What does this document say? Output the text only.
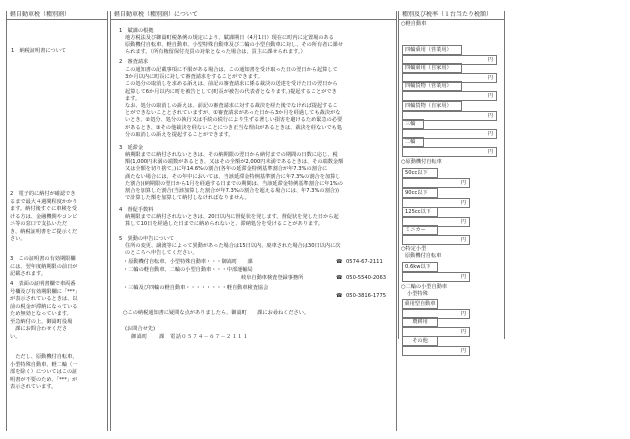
軽自動車税（種別割）
1　納税証明書について
2　電子的に納付が確認でき
るまで最大４週間程度かかり
ます。納付後すぐに車検を受
ける方は、金融機関やコンビ
ニ等の窓口で支払いただ
き、納税証明書をご提示くだ
さい。
3　この証明書の有効期限欄
には、翌年度納期限の前日が
記載されます。
4　表面の証明書欄で車両番
号欄及び有効期限欄に「***」
が表示されているときは、以
前の税金が滞納になっている
ため無効となっています。
至急納付の上，御嵩町役場
　課にお問合わせくださ
い。
　ただし、原動機付自転車、
小型特殊自動車、軽二輪（一
部を除く）についてはこの証
明書が不要のため、「***」が
表示されています。
軽自動車税（種別割）について
1　賦課の根拠
地方税法及び御嵩町税条例の規定により、賦課期日（4月1日）現在に町内に定置場のある
原動機付自転車、軽自動車、小型特殊自動車及び二輪の小型自動車に対し、その所有者に課せ
られます。（所有権留保付売買の対象となった場合は、買主に課せられます。）
2　審査請求
この通知書の記載事項に不服がある場合は、この通知書を受け取った日の翌日から起算して
3か月以内に町長に対して審査請求をすることができます。
この処分の取消しを求める訴えは、前記の審査請求に係る裁決の送達を受けた日の翌日から
起算して6か月以内に町を被告として(町長が被告の代表者となります。)提起することができ
ます。
なお、処分の取消しの訴えは、前記の審査請求に対する裁決を経た後でなければ提起するこ
とができないこととされていますが、①審査請求があった日から3か月を経過しても裁決がな
いとき、②処分、処分の執行又は手続の続行により生ずる著しい損害を避けるため緊急の必要
があるとき、③その他裁決を経ないことにつき正当な理由があるときは、裁決を経ないでも処
分の取消しの訴えを提起することができます。
3　延滞金
納期限までに納付されないときは、その納期限の翌日から納付までの期間の日数に応じ、税
額(1,000円未満の端数があるとき、又はその全額が2,000円未満であるときは、その端数金額
又は全額を切り捨て。)に年14.6%の割合(各年の延滞金特例基準割合が年7.3%の割合に
満たない場合には、その年中においては、当該延滞金特例基準割合に年7.3%の割合を加算し
た割合)(納期限の翌日から1月を経過する日までの期間は、当該延滞金特例基準割合に年1%の
割合を加算した割合(当該加算した割合が年7.3%の割合を超える場合には、年7.3%の割合))
で計算した額を加算して納付しなければなりません。
4　督促手数料
納期限までに納付されないときは、20日以内に督促状を発します。督促状を発した日から起
算して10日を経過した日までに納められないと、滞納処分を受けることがあります。
5　異動の申告について
住所の変更、譲渡等によって異動があった場合は15日以内、廃車された場合は30日以内に次
のところへ申告してください。
・原動機付自転車、小型特殊自動車・・・御嵩町　　課	☎ 0574-67-2111
・二輪の軽自動車、二輪の小型自動車・・・中部運輸局
岐阜自動車検査登録事務所	☎ 050-5540-2063
・三輪及び四輪の軽自動車・・・・・・・・軽自動車検査協会
☎ 050-3816-1775
○この納税通知書に疑問な点がありましたら、御嵩町　　課にお尋ねください。
(お問合せ先)
御嵩町　　課　電話０５７４－６７－２１１１
種別及び税率（１台当たり税額）
○軽自動車
四輪乗用（営業用）
円
四輪乗用（自家用）
円
四輪貨物（営業用）
円
四輪貨物（自家用）
円
三輪
円
二輪
円
○原動機付自転車
50cc以下
円
90cc以下
円
125cc以下
円
ミニカー
円
○特定小型
原動機付自転車
0.6kw以下
円
○二輪の小型自動車
小型特殊
乗用型自動車
円
農耕用
円
その他
円
